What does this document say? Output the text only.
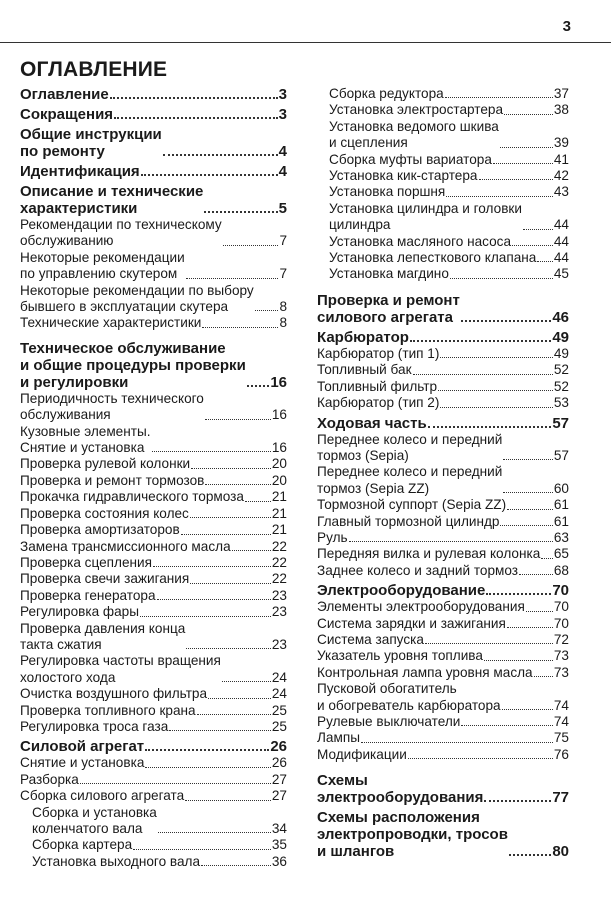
3
ОГЛАВЛЕНИЕ
Оглавление	3
Сокращения	3
Общие инструкции
по ремонту	4
Идентификация	4
Описание и технические
характеристики	5
Рекомендации по техническому
обслуживанию	7
Некоторые рекомендации
по управлению скутером	7
Некоторые рекомендации по выбору
бывшего в эксплуатации скутера	8
Технические характеристики	8
Техническое обслуживание
и общие процедуры проверки
и регулировки	16
Периодичность технического
обслуживания	16
Кузовные элементы.
Снятие и установка	16
Проверка рулевой колонки	20
Проверка и ремонт тормозов	20
Прокачка гидравлического тормоза 21
Проверка состояния колес	21
Проверка амортизаторов	21
Замена трансмиссионного масла	22
Проверка сцепления	22
Проверка свечи зажигания	22
Проверка генератора	23
Регулировка фары	23
Проверка давления конца
такта сжатия	23
Регулировка частоты вращения
холостого хода	24
Очистка воздушного фильтра	24
Проверка топливного крана	25
Регулировка троса газа	25
Силовой агрегат	26
Снятие и установка	26
Разборка	27
Сборка силового агрегата	27
Сборка и установка
коленчатого вала	34
Сборка картера	35
Установка выходного вала	36
Сборка редуктора	37
Установка электростартера	38
Установка ведомого шкива
и сцепления	39
Сборка муфты вариатора	41
Установка кик-стартера	42
Установка поршня	43
Установка цилиндра и головки
цилиндра	44
Установка масляного насоса	44
Установка лепесткового клапана 44
Установка магдино	45
Проверка и ремонт
силового агрегата	46
Карбюратор	49
Карбюратор (тип 1)	49
Топливный бак	52
Топливный фильтр	52
Карбюратор (тип 2)	53
Ходовая часть	57
Переднее колесо и передний
тормоз (Sepia)	57
Переднее колесо и передний
тормоз (Sepia ZZ)	60
Тормозной суппорт (Sepia ZZ)	61
Главный тормозной цилиндр	61
Руль	63
Передняя вилка и рулевая колонка 65
Заднее колесо и задний тормоз	68
Электрооборудование	70
Элементы электрооборудования 70
Система зарядки и зажигания	70
Система запуска	72
Указатель уровня топлива	73
Контрольная лампа уровня масла 73
Пусковой обогатитель
и обогреватель карбюратора	74
Рулевые выключатели	74
Лампы	75
Модификации	76
Схемы
электрооборудования	77
Схемы расположения
электропроводки, тросов
и шлангов	80
